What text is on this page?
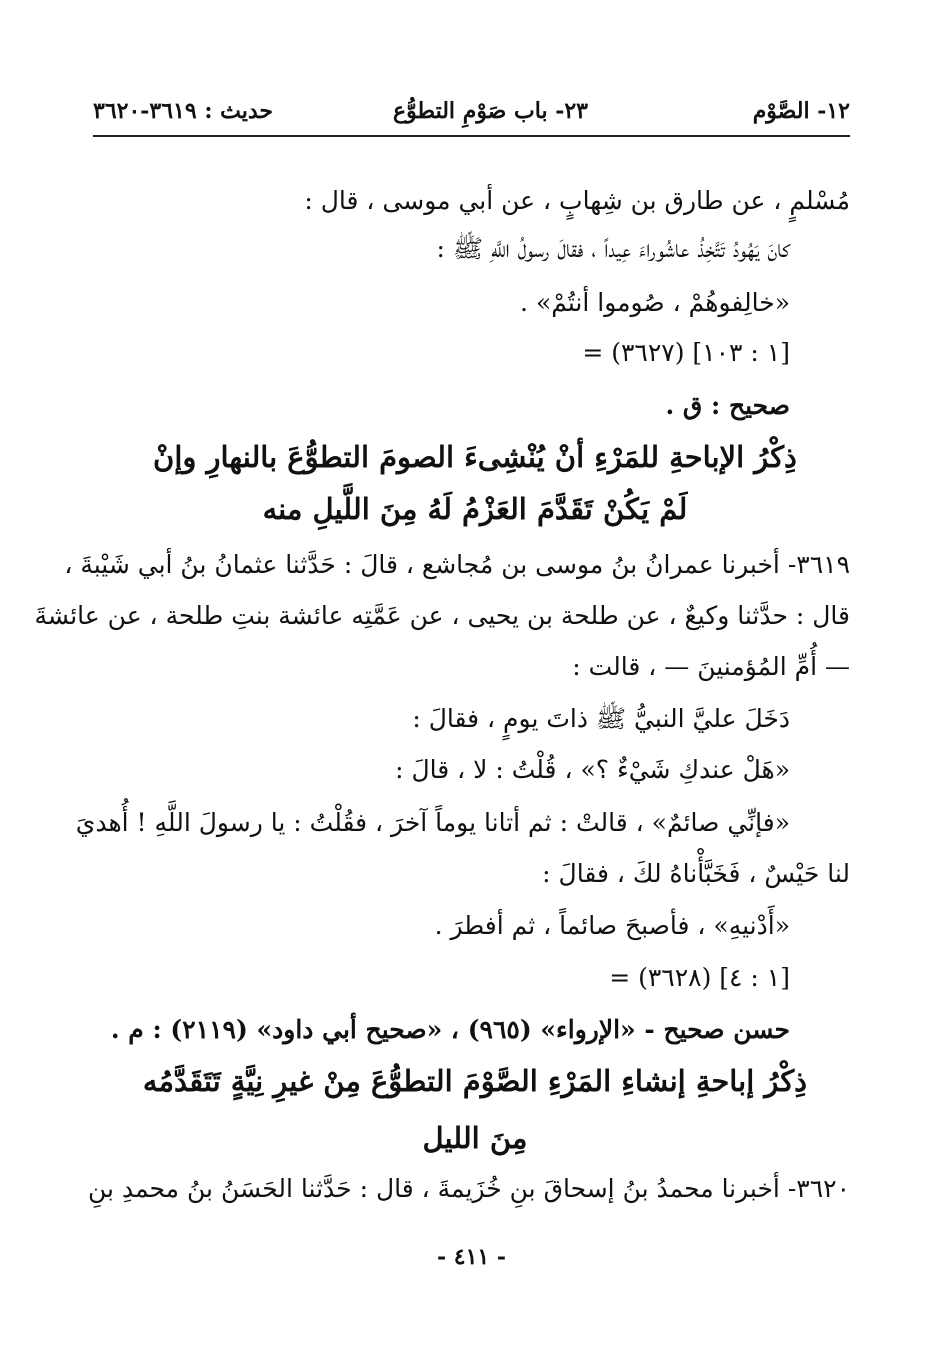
١٢- الصَّوْم
٢٣- باب صَوْمِ التطوُّع
حديث : ٣٦١٩-٣٦٢٠
مُسْلمٍ ، عن طارق بن شِهابٍ ، عن أبي موسى ، قال :
كانَ يَهُودُ تَتَّخِذُ عاشُوراءَ عِيداً ، فقالَ رسولُ اللَّهِ ﷺ :
«خالِفوهُمْ ، صُوموا أنتُمْ» .
= (٣٦٢٧) [١ : ١٠٣]
صحيح : ق .
ذِكْرُ الإباحةِ للمَرْءِ أنْ يُنْشِىءَ الصومَ التطوُّعَ بالنهارِ وإنْ
لَمْ يَكُنْ تَقَدَّمَ العَزْمُ لَهُ مِنَ اللَّيلِ منه
٣٦١٩- أخبرنا عمرانُ بنُ موسى بن مُجاشع ، قالَ : حَدَّثنا عثمانُ بنُ أبي شَيْبةَ ،
قال : حدَّثنا وكيعٌ ، عن طلحة بن يحيى ، عن عَمَّتِه عائشة بنتِ طلحة ، عن عائشةَ
— أُمِّ المُؤمنينَ — ، قالت :
دَخَلَ عليَّ النبيُّ ﷺ ذاتَ يومٍ ، فقالَ :
«هَلْ عندكِ شَيْءٌ ؟» ، قُلْتُ : لا ، قالَ :
«فإنِّي صائمٌ» ، قالتْ : ثم أتانا يوماً آخرَ ، فقُلْتُ : يا رسولَ اللَّهِ ! أُهديَ
لنا حَيْسٌ ، فَخَبَّأْناهُ لكَ ، فقالَ :
«أَدْنيهِ» ، فأصبحَ صائماً ، ثم أفطرَ .
= (٣٦٢٨) [١ : ٤]
حسن صحيح - «الإرواء» (٩٦٥) ، «صحيح أبي داود» (٢١١٩) : م .
ذِكْرُ إباحةِ إنشاءِ المَرْءِ الصَّوْمَ التطوُّعَ مِنْ غيرِ نِيَّةٍ تَتَقَدَّمُه
مِنَ الليل
٣٦٢٠- أخبرنا محمدُ بنُ إسحاقَ بنِ خُزَيمةَ ، قال : حَدَّثنا الحَسَنُ بنُ محمدِ بنِ
- ٤١١ -
